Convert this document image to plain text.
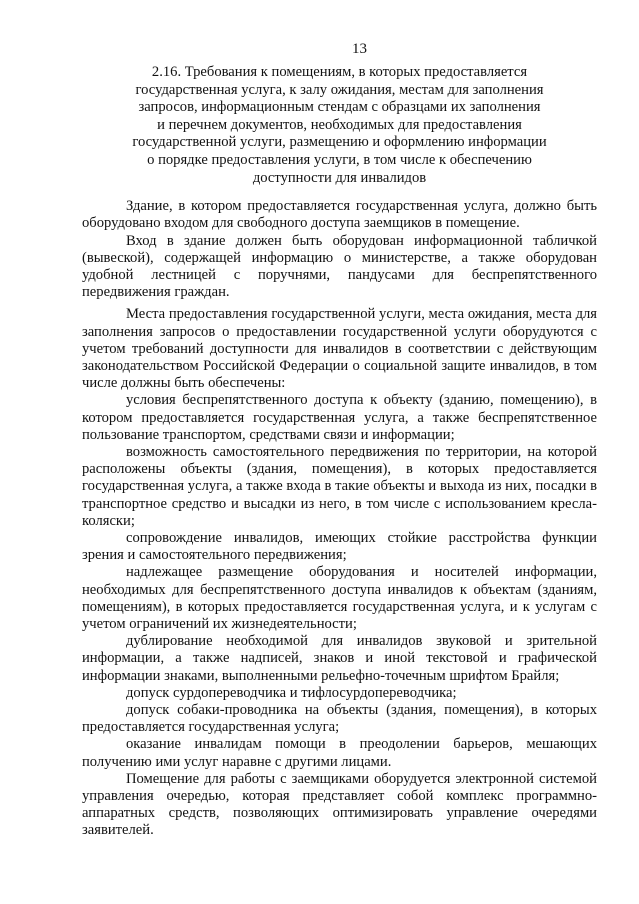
13
2.16. Требования к помещениям, в которых предоставляется
государственная услуга, к залу ожидания, местам для заполнения
запросов, информационным стендам с образцами их заполнения
и перечнем документов, необходимых для предоставления
государственной услуги, размещению и оформлению информации
о порядке предоставления услуги, в том числе к обеспечению
доступности для инвалидов

Здание, в котором предоставляется государственная услуга, должно быть оборудовано входом для свободного доступа заемщиков в помещение.

Вход в здание должен быть оборудован информационной табличкой (вывеской), содержащей информацию о министерстве, а также оборудован удобной лестницей с поручнями, пандусами для беспрепятственного передвижения граждан.

Места предоставления государственной услуги, места ожидания, места для заполнения запросов о предоставлении государственной услуги оборудуются с учетом требований доступности для инвалидов в соответствии с действующим законодательством Российской Федерации о социальной защите инвалидов, в том числе должны быть обеспечены:

условия беспрепятственного доступа к объекту (зданию, помещению), в котором предоставляется государственная услуга, а также беспрепятственное пользование транспортом, средствами связи и информации;

возможность самостоятельного передвижения по территории, на которой расположены объекты (здания, помещения), в которых предоставляется государственная услуга, а также входа в такие объекты и выхода из них, посадки в транспортное средство и высадки из него, в том числе с использованием кресла-коляски;

сопровождение инвалидов, имеющих стойкие расстройства функции зрения и самостоятельного передвижения;

надлежащее размещение оборудования и носителей информации, необходимых для беспрепятственного доступа инвалидов к объектам (зданиям, помещениям), в которых предоставляется государственная услуга, и к услугам с учетом ограничений их жизнедеятельности;

дублирование необходимой для инвалидов звуковой и зрительной информации, а также надписей, знаков и иной текстовой и графической информации знаками, выполненными рельефно-точечным шрифтом Брайля;

допуск сурдопереводчика и тифлосурдопереводчика;

допуск собаки-проводника на объекты (здания, помещения), в которых предоставляется государственная услуга;

оказание инвалидам помощи в преодолении барьеров, мешающих получению ими услуг наравне с другими лицами.

Помещение для работы с заемщиками оборудуется электронной системой управления очередью, которая представляет собой комплекс программно-аппаратных средств, позволяющих оптимизировать управление очередями заявителей.
